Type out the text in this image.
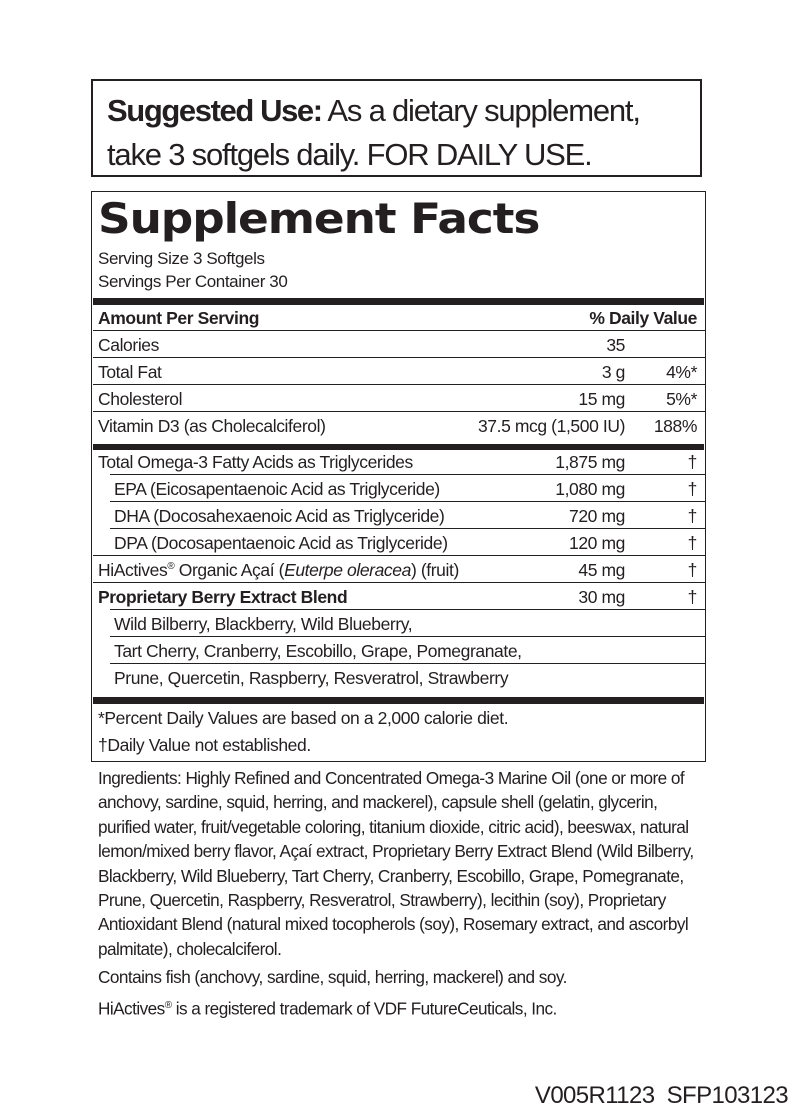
Suggested Use: As a dietary supplement, take 3 softgels daily. FOR DAILY USE.
Supplement Facts
Serving Size 3 Softgels
Servings Per Container 30
Amount Per Serving	% Daily Value
Calories	35
Total Fat	3 g 4%*
Cholesterol	15 mg 5%*
Vitamin D3 (as Cholecalciferol)	37.5 mcg (1,500 IU) 188%
Total Omega-3 Fatty Acids as Triglycerides	1,875 mg	†
EPA (Eicosapentaenoic Acid as Triglyceride)	1,080 mg	†
DHA (Docosahexaenoic Acid as Triglyceride)	720 mg	†
DPA (Docosapentaenoic Acid as Triglyceride)	120 mg	†
HiActives® Organic Açaí (Euterpe oleracea) (fruit)	45 mg	†
Proprietary Berry Extract Blend	30 mg	†
Wild Bilberry, Blackberry, Wild Blueberry,
Tart Cherry, Cranberry, Escobillo, Grape, Pomegranate,
Prune, Quercetin, Raspberry, Resveratrol, Strawberry
*Percent Daily Values are based on a 2,000 calorie diet.
†Daily Value not established.

Ingredients: Highly Refined and Concentrated Omega-3 Marine Oil (one or more of anchovy, sardine, squid, herring, and mackerel), capsule shell (gelatin, glycerin, purified water, fruit/vegetable coloring, titanium dioxide, citric acid), beeswax, natural lemon/mixed berry flavor, Açaí extract, Proprietary Berry Extract Blend (Wild Bilberry, Blackberry, Wild Blueberry, Tart Cherry, Cranberry, Escobillo, Grape, Pomegranate, Prune, Quercetin, Raspberry, Resveratrol, Strawberry), lecithin (soy), Proprietary Antioxidant Blend (natural mixed tocopherols (soy), Rosemary extract, and ascorbyl palmitate), cholecalciferol.

Contains fish (anchovy, sardine, squid, herring, mackerel) and soy.

HiActives® is a registered trademark of VDF FutureCeuticals, Inc.

V005R1123  SFP103123
